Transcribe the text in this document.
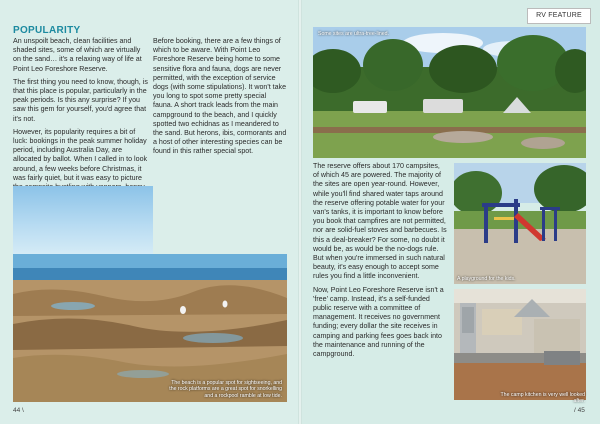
RV FEATURE
POPULARITY

An unspoilt beach, clean facilities and shaded sites, some of which are virtually on the sand… it's a relaxing way of life at Point Leo Foreshore Reserve.

The first thing you need to know, though, is that this place is popular, particularly in the peak periods. Is this any surprise? If you saw this gem for yourself, you'd agree that it's not.

However, its popularity requires a bit of luck: bookings in the peak summer holiday period, including Australia Day, are allocated by ballot. When I called in to look around, a few weeks before Christmas, it was fairly quiet, but it was easy to picture

Before booking, there are a few things of which to be aware. With Point Leo Foreshore Reserve being home to some sensitive flora and fauna, dogs are never permitted, with the exception of service dogs (with some stipulations). It won't take you long to spot some pretty special fauna. A short track leads from the main campground to the beach, and I quickly spotted two echidnas as I meandered to the sand. But herons, ibis, cormorants and a host of other interesting species can be found in this rather special spot.

The beach is a popular spot for sightseeing, and the rock platforms are a great spot for snorkelling and a rockpool ramble at low tide.
Some sites are ultra-tree-lined.

The reserve offers about 170 campsites, of which 45 are powered. The majority of the sites are open year-round. However, while you'll find shared water taps around the reserve offering potable water for your van's tanks, it is important to know before you book that campfires are not permitted, nor are solid-fuel stoves and barbecues. Is this a deal-breaker? For some, no doubt it would be, as would be the no-dogs rule. But when you're immersed in such natural beauty, it's easy enough to accept some rules you find a little inconvenient.

Now, Point Leo Foreshore Reserve isn't a 'free' camp. Instead, it's a self-funded public reserve with a committee of management. It receives no government funding; every dollar the site receives in camping and parking fees goes back into the maintenance and running of the campground.

A playground for the kids.
The camp kitchen is very well looked after.
44 \	/ 45
